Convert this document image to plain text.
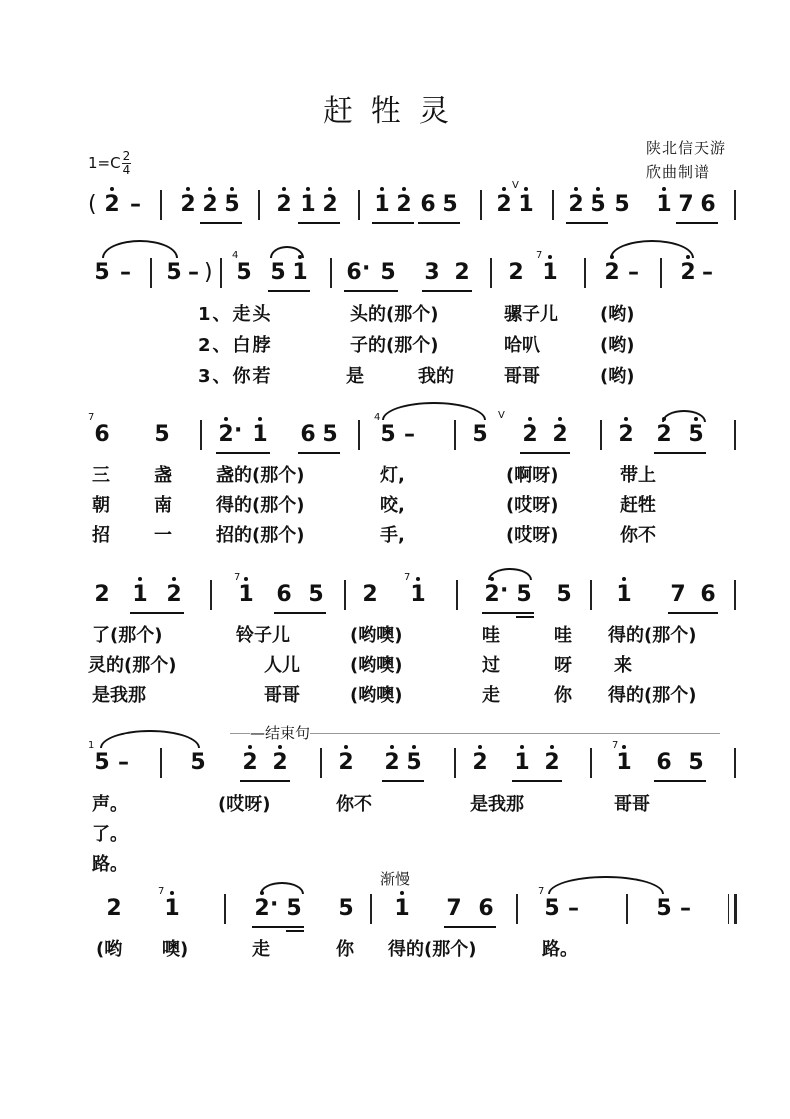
赶牲灵
$1=C \frac{2}{4}$
陕北信天游
欣曲制谱
( 2 – 2 2 5 2 1 2 1 2 6 5 2
V
1 2 5 5 1 7 6
5 – 5 – )
4
5 5 1 6 · 5 3 2 2
7
1 2 – 2 –
1、走头	头的(那个)	骡子儿 (哟)
2、白脖	子的(那个)	哈叭	(哟)
3、你若	是	我的	哥哥	(哟)
7
6 5 2 · 1 6 5
4
5 –	5
V
2 2 2 2 5
三 盏 盏的(那个)	灯,	(啊呀)	带上
朝 南 得的(那个)	咬,	(哎呀)	赶牲
招 一 招的(那个)	手,	(哎呀)	你不
2 1 2
7
1 6 5 2
7
1	2 · 5 5 1 7 6
了(那个)	铃子儿	(哟噢)	哇	哇 得的(那个)
灵的(那个)	人儿	(哟噢)	过	呀 来
是我那	哥哥	(哟噢)	走	你 得的(那个)
—结束句
1
5 –	5 2 2 2 2 5 2 1 2
7
1 6 5
声。	(哎呀)	你不	是我那	哥哥
了。
路。
渐慢
2
7
1	2 · 5 5 1 7 6
7
5 –	5 –
(哟 噢)	走	你 得的(那个)	路。
